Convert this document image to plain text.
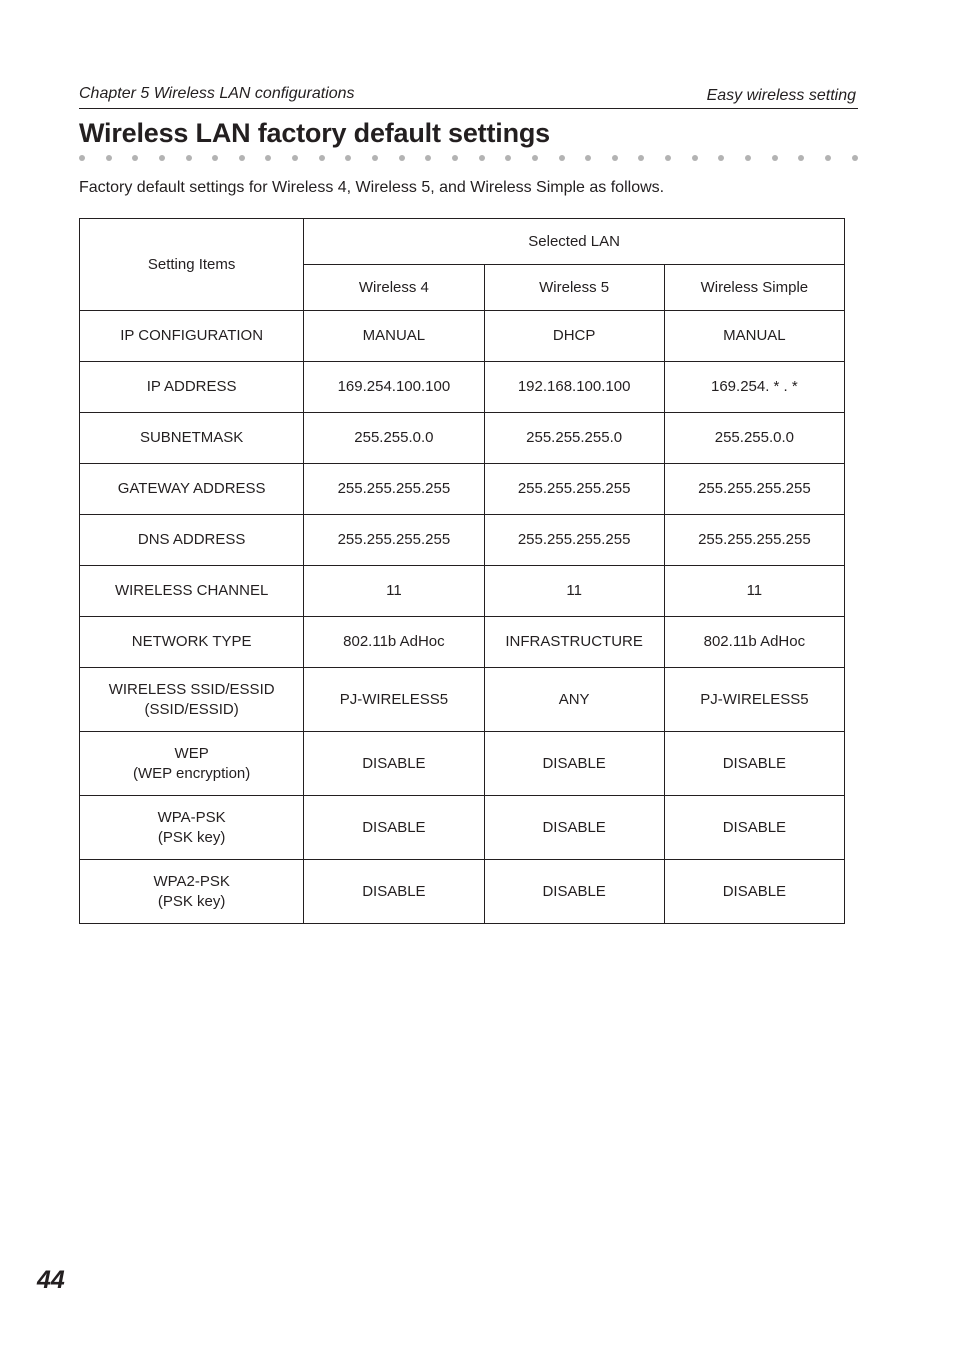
Chapter 5 Wireless LAN configurations	Easy wireless setting
Wireless LAN factory default settings
Factory default settings for Wireless 4, Wireless 5, and Wireless Simple as follows.
Setting Items	Selected LAN		
	Wireless 4	Wireless 5	Wireless Simple

IP CONFIGURATION	MANUAL	DHCP	MANUAL

IP ADDRESS	169.254.100.100	192.168.100.100	169.254. * . *

SUBNETMASK	255.255.0.0	255.255.255.0	255.255.0.0

GATEWAY ADDRESS	255.255.255.255	255.255.255.255	255.255.255.255

DNS ADDRESS	255.255.255.255	255.255.255.255	255.255.255.255

WIRELESS CHANNEL	11	11	11

NETWORK TYPE	802.11b AdHoc	INFRASTRUCTURE	802.11b AdHoc

WIRELESS SSID/ESSID
(SSID/ESSID)	PJ-WIRELESS5	ANY	PJ-WIRELESS5

WEP
(WEP encryption)	DISABLE	DISABLE	DISABLE

WPA-PSK
(PSK key)	DISABLE	DISABLE	DISABLE

WPA2-PSK
(PSK key)	DISABLE	DISABLE	DISABLE
44
